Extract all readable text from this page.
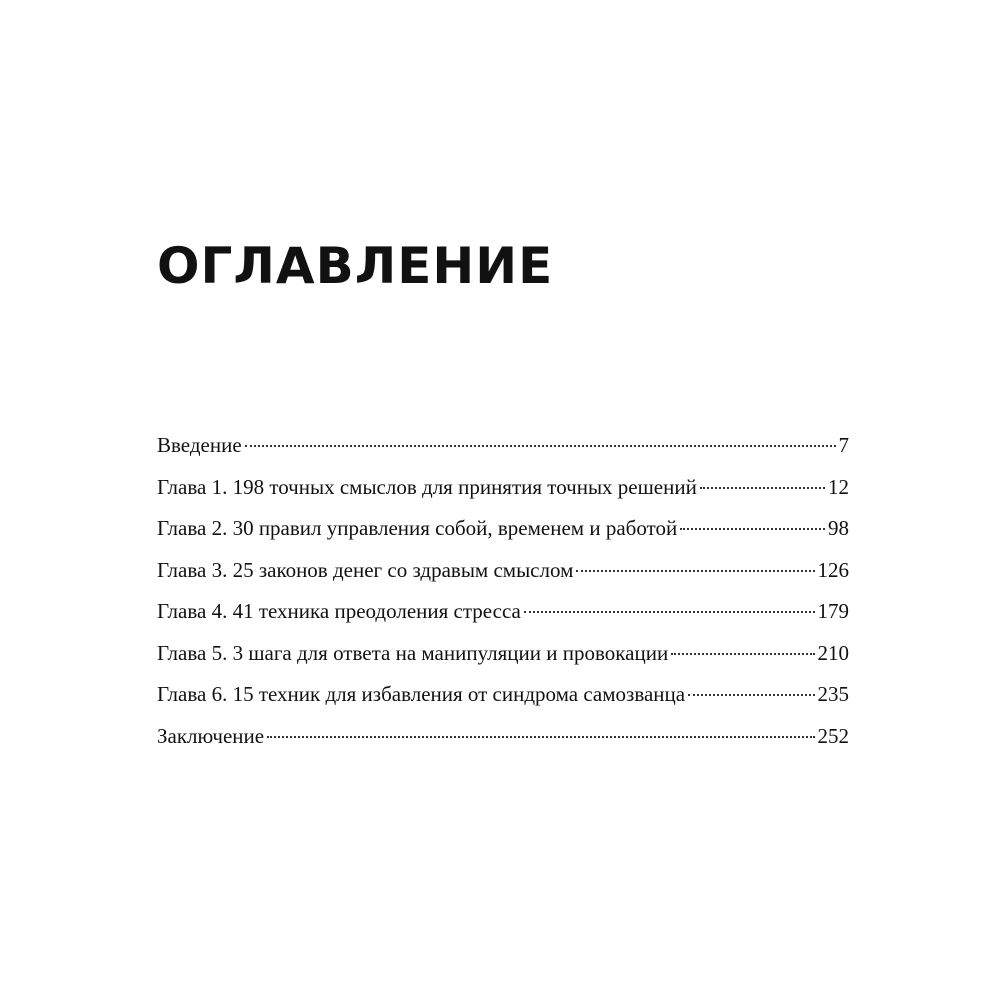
ОГЛАВЛЕНИЕ
Введение	7
Глава 1. 198 точных смыслов для принятия точных решений	12
Глава 2. 30 правил управления собой, временем и работой	98
Глава 3. 25 законов денег со здравым смыслом	126
Глава 4. 41 техника преодоления стресса	179
Глава 5. 3 шага для ответа на манипуляции и провокации	210
Глава 6. 15 техник для избавления от синдрома самозванца	235
Заключение	252
